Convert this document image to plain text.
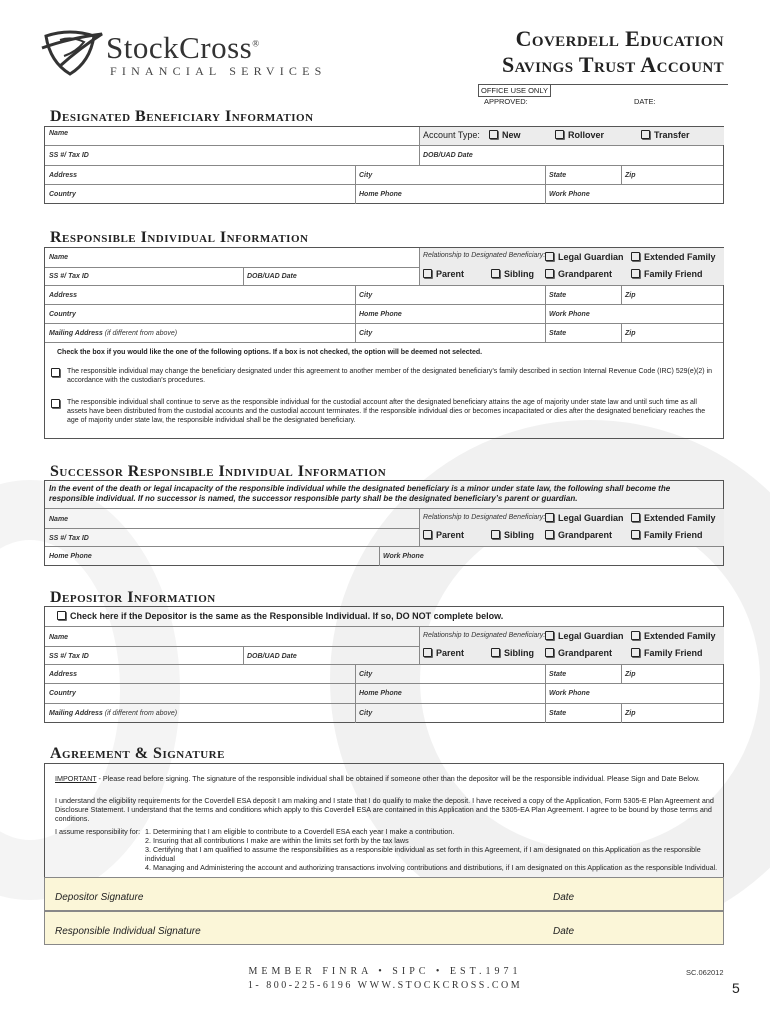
StockCross®
FINANCIAL SERVICES
Coverdell Education
Savings Trust Account
OFFICE USE ONLY
APPROVED:	DATE:
Designated Beneficiary Information
Name	Account Type:	New	Rollover	Transfer
SS #/ Tax ID	DOB/UAD Date
Address	City	State	Zip
Country	Home Phone	Work Phone
Responsible Individual Information
Name
SS #/ Tax ID	DOB/UAD Date
Relationship to Designated Beneficiary:	Legal Guardian	Extended Family
Parent	Sibling	Grandparent	Family Friend
Address	City	State	Zip
Country	Home Phone	Work Phone
Mailing Address (if different from above)	City	State	Zip
Check the box if you would like the one of the following options. If a box is not checked, the option will be deemed not selected.
The responsible individual may change the beneficiary designated under this agreement to another member of the designated beneficiary’s family described in section Internal Revenue Code (IRC) 529(e)(2) in accordance with the custodian’s procedures.
The responsible individual shall continue to serve as the responsible individual for the custodial account after the designated beneficiary attains the age of majority under state law and until such time as all assets have been distributed from the custodial accounts and the custodial account terminates. If the responsible individual dies or becomes incapacitated or dies after the designated beneficiary reaches the age of majority under state law, the responsible individual shall be the designated beneficiary.
Successor Responsible Individual Information
In the event of the death or legal incapacity of the responsible individual while the designated beneficiary is a minor under state law, the following shall become the responsible individual. If no successor is named, the successor responsible party shall be the designated beneficiary’s parent or guardian.
Name
SS #/ Tax ID
Relationship to Designated Beneficiary:	Legal Guardian	Extended Family
Parent	Sibling	Grandparent	Family Friend
Home Phone	Work Phone
Depositor Information
Check here if the Depositor is the same as the Responsible Individual. If so, DO NOT complete below.
Name
SS #/ Tax ID	DOB/UAD Date
Relationship to Designated Beneficiary:	Legal Guardian	Extended Family
Parent	Sibling	Grandparent	Family Friend
Address	City	State	Zip
Country	Home Phone	Work Phone
Mailing Address (if different from above)	City	State	Zip
Agreement & Signature
IMPORTANT - Please read before signing. The signature of the responsible individual shall be obtained if someone other than the depositor will be the responsible individual. Please Sign and Date Below.
I understand the eligibility requirements for the Coverdell ESA deposit I am making and I state that I do qualify to make the deposit. I have received a copy of the Application, Form 5305-E Plan Agreement and Disclosure Statement. I understand that the terms and conditions which apply to this Coverdell ESA are contained in this Application and the 5305-EA Plan Agreement. I agree to be bound by those terms and conditions.
I assume responsibility for: 1. Determining that I am eligible to contribute to a Coverdell ESA each year I make a contribution.
2. Insuring that all contributions I make are within the limits set forth by the tax laws
3. Certifying that I am qualified to assume the responsibilities as a responsible individual as set forth in this Agreement, if I am designated on this Application as the responsible individual
4. Managing and Administering the account and authorizing transactions involving contributions and distributions, if I am designated on this Application as the responsible Individual.
Depositor Signature	Date
Responsible Individual Signature	Date
MEMBER FINRA • SIPC • EST.1971
1- 800-225-6196 WWW.STOCKCROSS.COM
SC.062012
5
